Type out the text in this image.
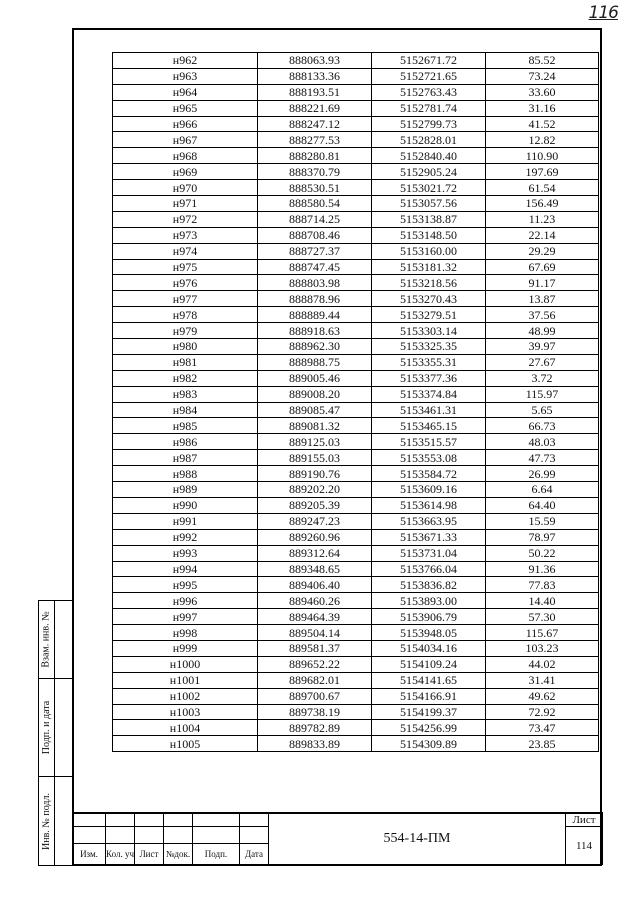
116
н962	888063.93	5152671.72	85.52
н963	888133.36	5152721.65	73.24
н964	888193.51	5152763.43	33.60
н965	888221.69	5152781.74	31.16
н966	888247.12	5152799.73	41.52
н967	888277.53	5152828.01	12.82
н968	888280.81	5152840.40	110.90
н969	888370.79	5152905.24	197.69
н970	888530.51	5153021.72	61.54
н971	888580.54	5153057.56	156.49
н972	888714.25	5153138.87	11.23
н973	888708.46	5153148.50	22.14
н974	888727.37	5153160.00	29.29
н975	888747.45	5153181.32	67.69
н976	888803.98	5153218.56	91.17
н977	888878.96	5153270.43	13.87
н978	888889.44	5153279.51	37.56
н979	888918.63	5153303.14	48.99
н980	888962.30	5153325.35	39.97
н981	888988.75	5153355.31	27.67
н982	889005.46	5153377.36	3.72
н983	889008.20	5153374.84	115.97
н984	889085.47	5153461.31	5.65
н985	889081.32	5153465.15	66.73
н986	889125.03	5153515.57	48.03
н987	889155.03	5153553.08	47.73
н988	889190.76	5153584.72	26.99
н989	889202.20	5153609.16	6.64
н990	889205.39	5153614.98	64.40
н991	889247.23	5153663.95	15.59
н992	889260.96	5153671.33	78.97
н993	889312.64	5153731.04	50.22
н994	889348.65	5153766.04	91.36
н995	889406.40	5153836.82	77.83
н996	889460.26	5153893.00	14.40
н997	889464.39	5153906.79	57.30
н998	889504.14	5153948.05	115.67
н999	889581.37	5154034.16	103.23
н1000	889652.22	5154109.24	44.02
н1001	889682.01	5154141.65	31.41
н1002	889700.67	5154166.91	49.62
н1003	889738.19	5154199.37	72.92
н1004	889782.89	5154256.99	73.47
н1005	889833.89	5154309.89	23.85
						554-14-ПМ	Лист
							114
Изм.	Кол. уч	Лист	№док.	Подп.	Дата		
Взам. инв. №
Подп. и дата
Инв. № подл.
